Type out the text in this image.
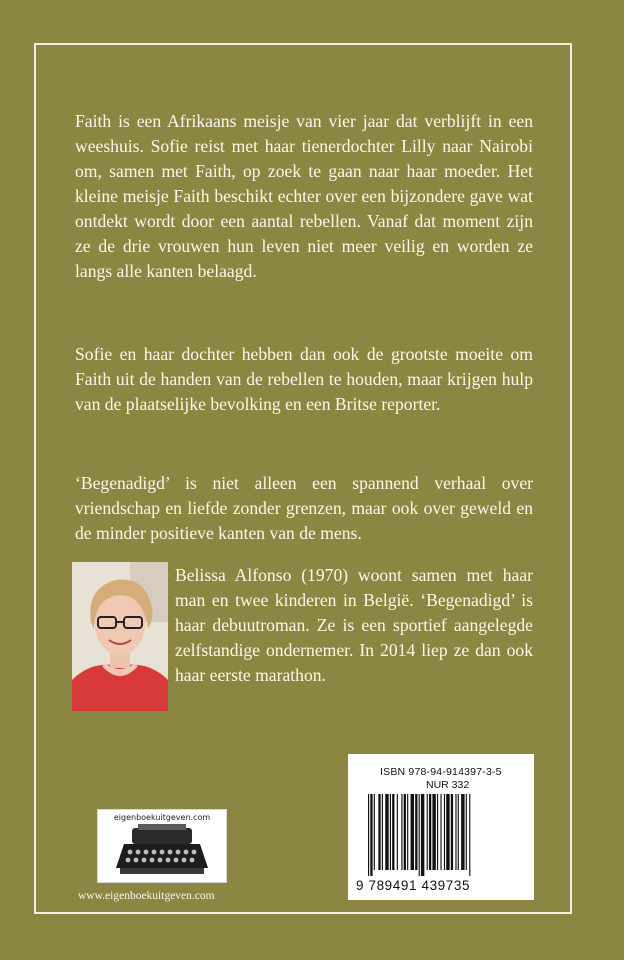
Faith is een Afrikaans meisje van vier jaar dat verblijft in een weeshuis. Sofie reist met haar tienerdochter Lilly naar Nairobi om, samen met Faith, op zoek te gaan naar haar moeder. Het kleine meisje Faith beschikt echter over een bijzondere gave wat ontdekt wordt door een aantal rebellen. Vanaf dat moment zijn ze de drie vrouwen hun leven niet meer veilig en worden ze langs alle kanten belaagd.
Sofie en haar dochter hebben dan ook de grootste moeite om Faith uit de handen van de rebellen te houden, maar krijgen hulp van de plaatselijke bevolking en een Britse reporter.
‘Begenadigd’ is niet alleen een spannend verhaal over vriendschap en liefde zonder grenzen, maar ook over geweld en de minder positieve kanten van de mens.
Belissa Alfonso (1970) woont samen met haar man en twee kinderen in België. ‘Begenadigd’ is haar debuutroman. Ze is een sportief aangelegde zelfstandige ondernemer. In 2014 liep ze dan ook haar eerste marathon.
ISBN 978-94-914397-3-5
NUR 332
9 789491 439735
eigenboekuitgeven.com
www.eigenboekuitgeven.com
